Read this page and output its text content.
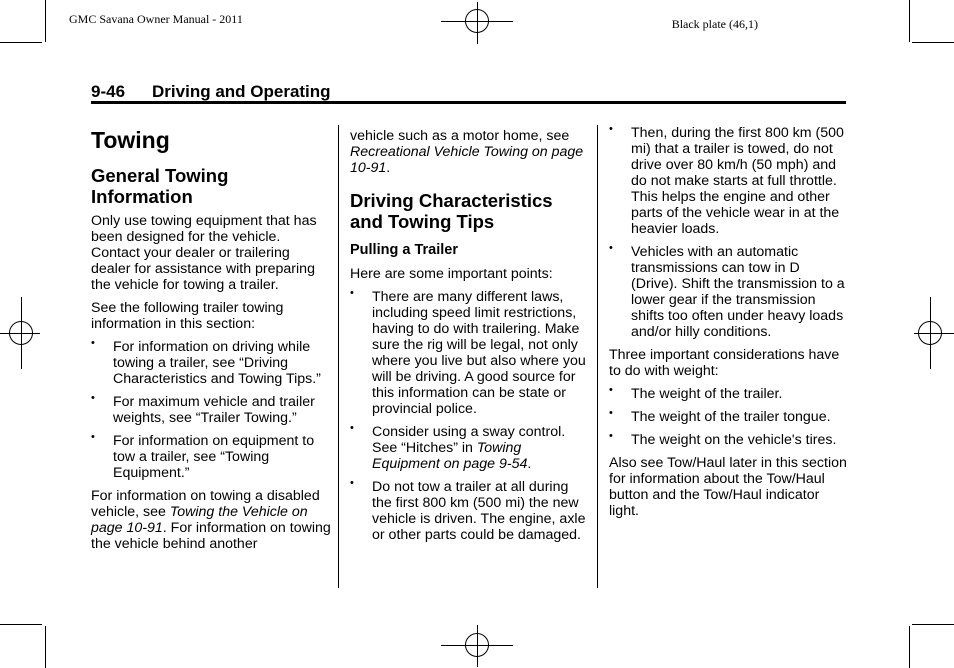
GMC Savana Owner Manual - 2011	Black plate (46,1)
9-46 Driving and Operating
Towing
General Towing Information

Only use towing equipment that has been designed for the vehicle. Contact your dealer or trailering dealer for assistance with preparing the vehicle for towing a trailer.

See the following trailer towing information in this section:

• For information on driving while towing a trailer, see “Driving Characteristics and Towing Tips.”
• For maximum vehicle and trailer weights, see “Trailer Towing.”
• For information on equipment to tow a trailer, see “Towing Equipment.”

For information on towing a disabled vehicle, see Towing the Vehicle on page 10-91. For information on towing the vehicle behind another

vehicle such as a motor home, see Recreational Vehicle Towing on page 10-91.

Driving Characteristics and Towing Tips
Pulling a Trailer

Here are some important points:

• There are many different laws, including speed limit restrictions, having to do with trailering. Make sure the rig will be legal, not only where you live but also where you will be driving. A good source for this information can be state or provincial police.
• Consider using a sway control. See “Hitches” in Towing Equipment on page 9-54.
• Do not tow a trailer at all during the first 800 km (500 mi) the new vehicle is driven. The engine, axle or other parts could be damaged.
• Then, during the first 800 km (500 mi) that a trailer is towed, do not drive over 80 km/h (50 mph) and do not make starts at full throttle. This helps the engine and other parts of the vehicle wear in at the heavier loads.
• Vehicles with an automatic transmissions can tow in D (Drive). Shift the transmission to a lower gear if the transmission shifts too often under heavy loads and/or hilly conditions.

Three important considerations have to do with weight:

• The weight of the trailer.
• The weight of the trailer tongue.
• The weight on the vehicle's tires.

Also see Tow/Haul later in this section for information about the Tow/Haul button and the Tow/Haul indicator light.
